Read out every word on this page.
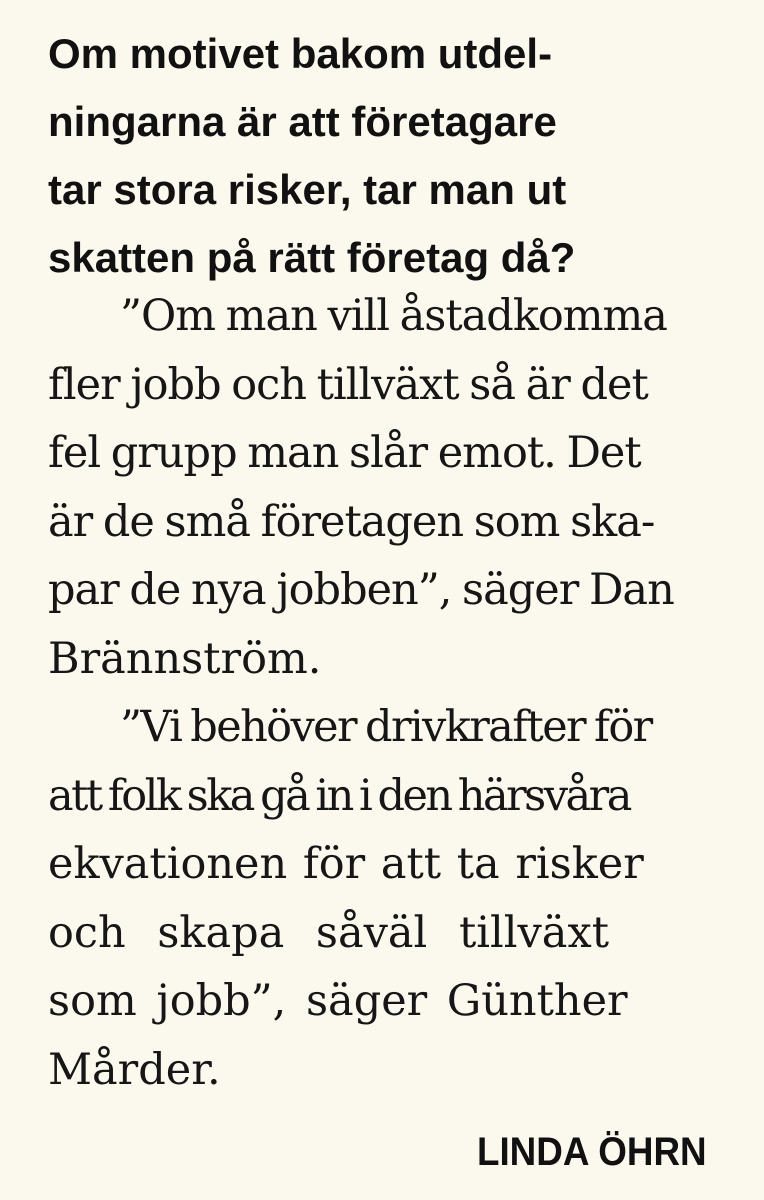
Om motivet bakom utdel-
ningarna är att företagare
tar stora risker, tar man ut
skatten på rätt företag då?
”Om man vill åstadkomma
fler jobb och tillväxt så är det
fel grupp man slår emot. Det
är de små företagen som ska-
par de nya jobben”, säger Dan
Brännström.
”Vi behöver drivkrafter för
att folk ska gå in i den härsvåra
ekvationen för att ta risker
och skapa såväl tillväxt
som jobb”, säger Günther
Mårder.
LINDA ÖHRN
